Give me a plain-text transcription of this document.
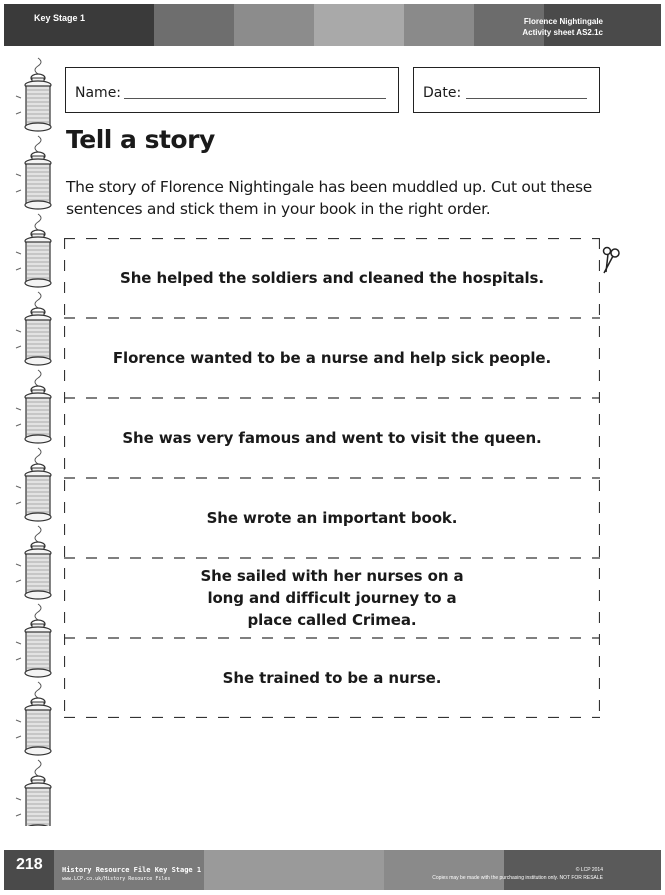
Key Stage 1	Florence Nightingale
Activity sheet AS2.1c
Name:	Date:
Tell a story
The story of Florence Nightingale has been muddled up. Cut out these sentences and stick them in your book in the right order.
She helped the soldiers and cleaned the hospitals.
Florence wanted to be a nurse and help sick people.
She was very famous and went to visit the queen.
She wrote an important book.
She sailed with her nurses on a long and difficult journey to a place called Crimea.
She trained to be a nurse.
218	History Resource File Key Stage 1
www.LCP.co.uk/History Resource Files
© LCP 2014
Copies may be made with the purchasing institution only. NOT FOR RESALE
